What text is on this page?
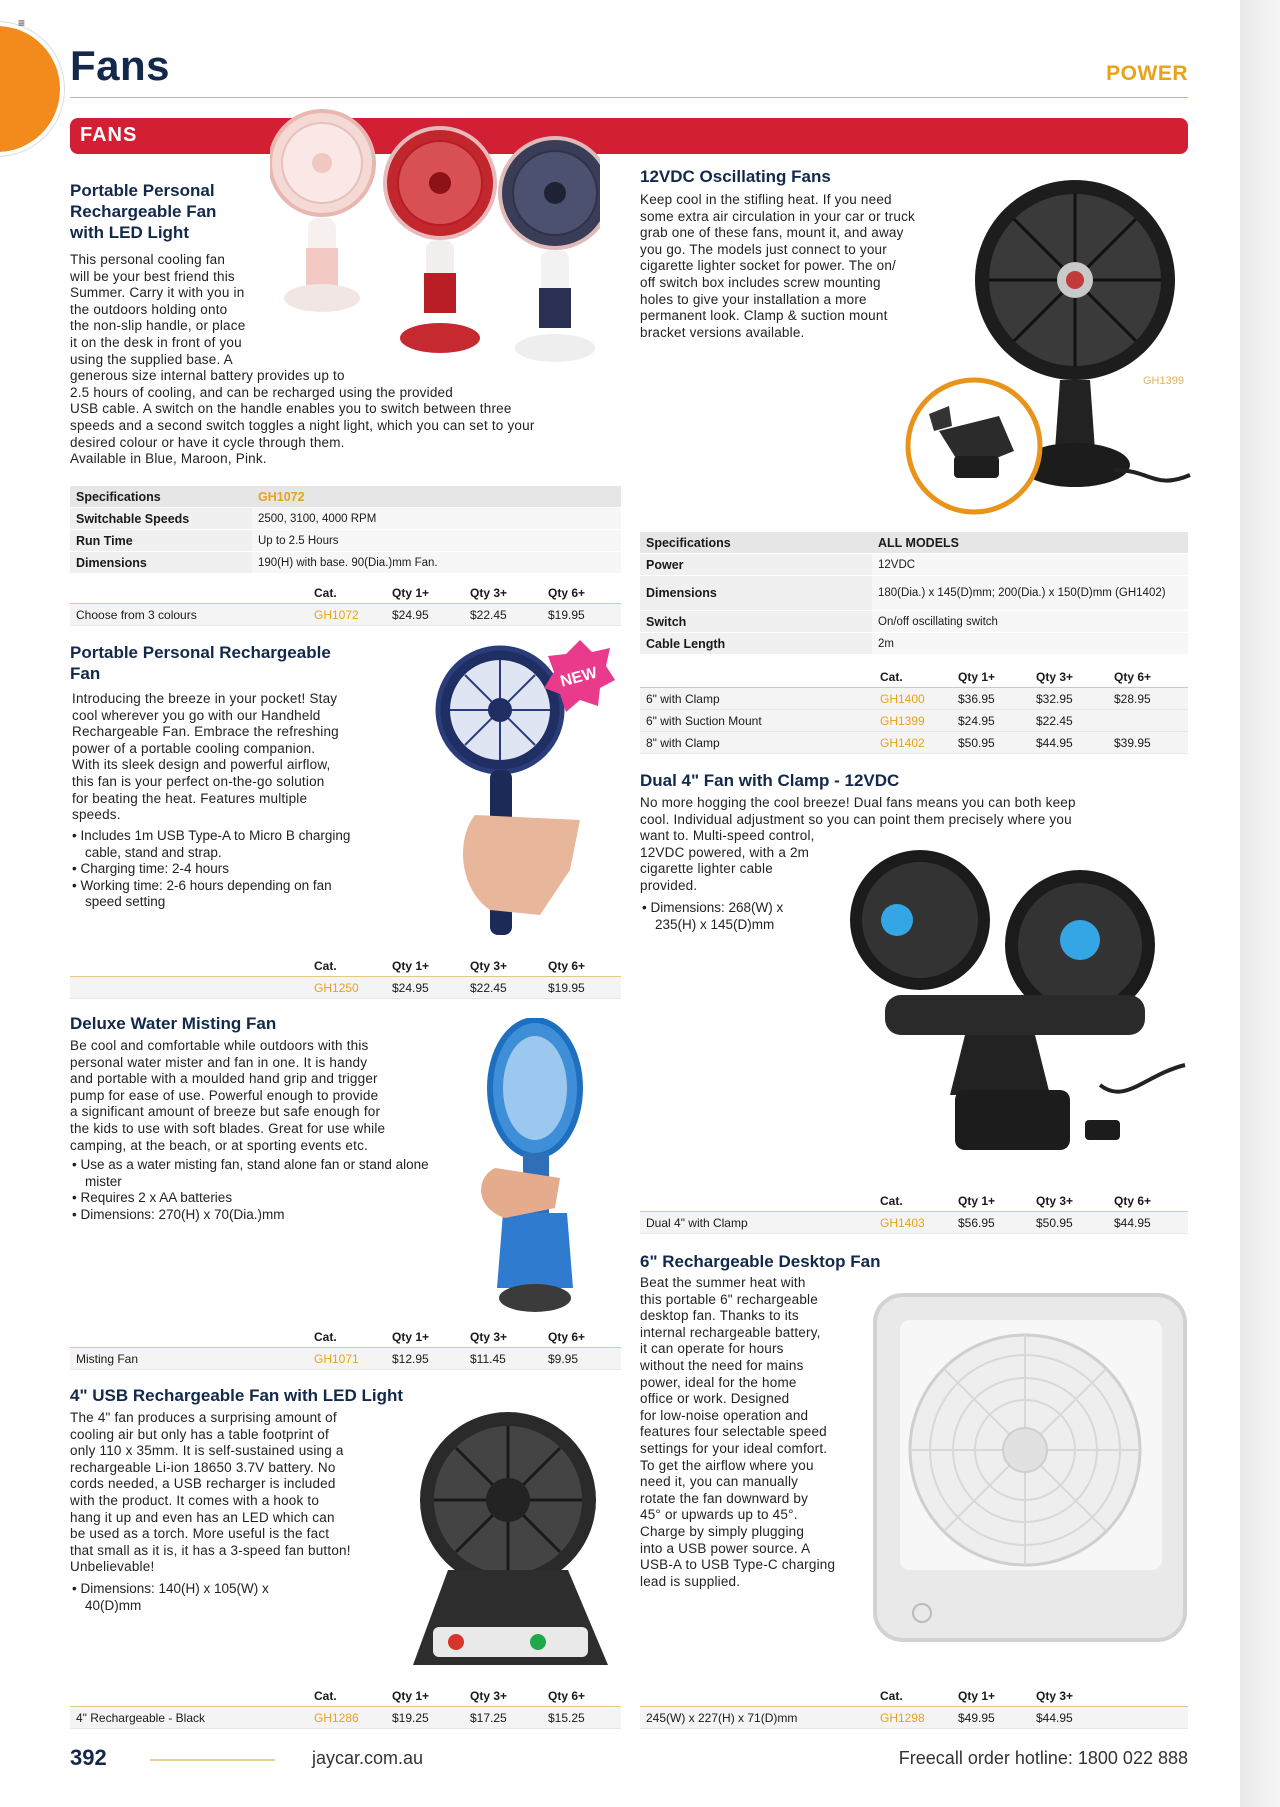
≡
Fans	POWER
FANS
Portable Personal
Rechargeable Fan
with LED Light
This personal cooling fan
will be your best friend this
Summer. Carry it with you in
the outdoors holding onto
the non-slip handle, or place
it on the desk in front of you
using the supplied base. A
generous size internal battery provides up to
2.5 hours of cooling, and can be recharged using the provided
USB cable. A switch on the handle enables you to switch between three
speeds and a second switch toggles a night light, which you can set to your
desired colour or have it cycle through them.
Available in Blue, Maroon, Pink.
Specifications	GH1072
Switchable Speeds	2500, 3100, 4000 RPM
Run Time	Up to 2.5 Hours
Dimensions	190(H) with base. 90(Dia.)mm Fan.
	Cat.	Qty 1+	Qty 3+	Qty 6+
Choose from 3 colours	GH1072	$24.95	$22.45	$19.95
Portable Personal Rechargeable
Fan
Introducing the breeze in your pocket! Stay
cool wherever you go with our Handheld
Rechargeable Fan. Embrace the refreshing
power of a portable cooling companion.
With its sleek design and powerful airflow,
this fan is your perfect on-the-go solution
for beating the heat. Features multiple
speeds.
• Includes 1m USB Type-A to Micro B charging cable, stand and strap.
• Charging time: 2-4 hours
• Working time: 2-6 hours depending on fan speed setting
NEW
	Cat.	Qty 1+	Qty 3+	Qty 6+
	GH1250	$24.95	$22.45	$19.95
Deluxe Water Misting Fan
Be cool and comfortable while outdoors with this
personal water mister and fan in one. It is handy
and portable with a moulded hand grip and trigger
pump for ease of use. Powerful enough to provide
a significant amount of breeze but safe enough for
the kids to use with soft blades. Great for use while
camping, at the beach, or at sporting events etc.
• Use as a water misting fan, stand alone fan or stand alone mister
• Requires 2 x AA batteries
• Dimensions: 270(H) x 70(Dia.)mm
	Cat.	Qty 1+	Qty 3+	Qty 6+
Misting Fan	GH1071	$12.95	$11.45	$9.95
4" USB Rechargeable Fan with LED Light
The 4" fan produces a surprising amount of
cooling air but only has a table footprint of
only 110 x 35mm. It is self-sustained using a
rechargeable Li-ion 18650 3.7V battery. No
cords needed, a USB recharger is included
with the product. It comes with a hook to
hang it up and even has an LED which can
be used as a torch. More useful is the fact
that small as it is, it has a 3-speed fan button!
Unbelievable!
• Dimensions: 140(H) x 105(W) x 40(D)mm
	Cat.	Qty 1+	Qty 3+	Qty 6+
4" Rechargeable - Black	GH1286	$19.25	$17.25	$15.25
12VDC Oscillating Fans
Keep cool in the stifling heat. If you need
some extra air circulation in your car or truck
grab one of these fans, mount it, and away
you go. The models just connect to your
cigarette lighter socket for power. The on/
off switch box includes screw mounting
holes to give your installation a more
permanent look. Clamp & suction mount
bracket versions available.
GH1399
Specifications	ALL MODELS
Power	12VDC
Dimensions	180(Dia.) x 145(D)mm; 200(Dia.) x 150(D)mm (GH1402)
Switch	On/off oscillating switch
Cable Length	2m
	Cat.	Qty 1+	Qty 3+	Qty 6+
6" with Clamp	GH1400	$36.95	$32.95	$28.95
6" with Suction Mount	GH1399	$24.95	$22.45	
8" with Clamp	GH1402	$50.95	$44.95	$39.95
Dual 4" Fan with Clamp - 12VDC
No more hogging the cool breeze! Dual fans means you can both keep
cool. Individual adjustment so you can point them precisely where you
want to. Multi-speed control,
12VDC powered, with a 2m
cigarette lighter cable
provided.
• Dimensions: 268(W) x 235(H) x 145(D)mm
	Cat.	Qty 1+	Qty 3+	Qty 6+
Dual 4" with Clamp	GH1403	$56.95	$50.95	$44.95
6" Rechargeable Desktop Fan
Beat the summer heat with
this portable 6" rechargeable
desktop fan. Thanks to its
internal rechargeable battery,
it can operate for hours
without the need for mains
power, ideal for the home
office or work. Designed
for low-noise operation and
features four selectable speed
settings for your ideal comfort.
To get the airflow where you
need it, you can manually
rotate the fan downward by
45° or upwards up to 45°.
Charge by simply plugging
into a USB power source. A
USB-A to USB Type-C charging
lead is supplied.
	Cat.	Qty 1+	Qty 3+
245(W) x 227(H) x 71(D)mm	GH1298	$49.95	$44.95
392	jaycar.com.au	Freecall order hotline: 1800 022 888
